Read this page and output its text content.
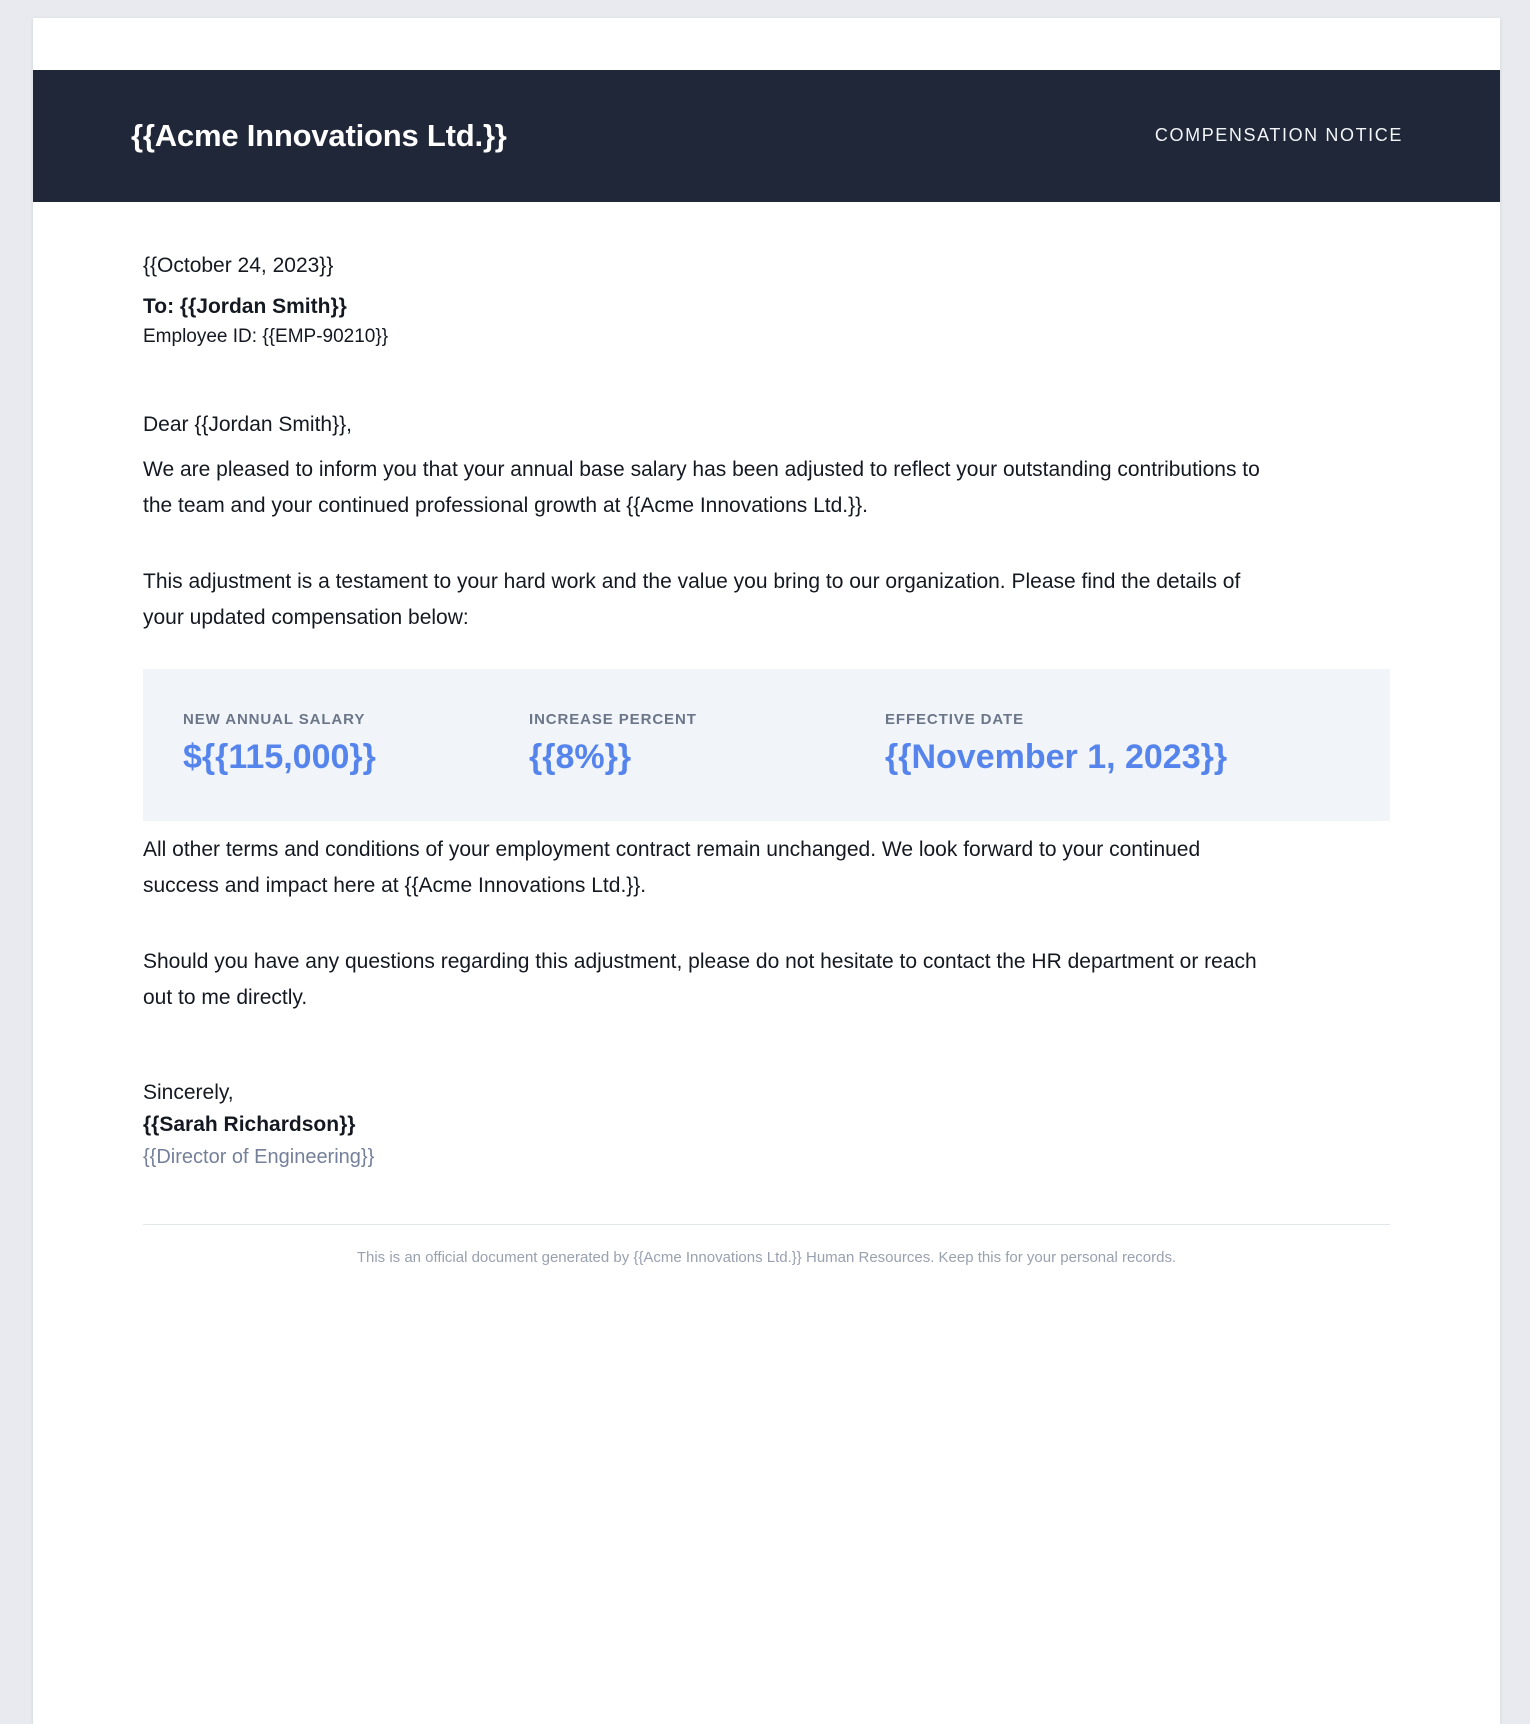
{{Acme Innovations Ltd.}}	COMPENSATION NOTICE
{{October 24, 2023}}
To: {{Jordan Smith}}
Employee ID: {{EMP-90210}}
Dear {{Jordan Smith}},
We are pleased to inform you that your annual base salary has been adjusted to reflect your outstanding contributions to the team and your continued professional growth at {{Acme Innovations Ltd.}}.
This adjustment is a testament to your hard work and the value you bring to our organization. Please find the details of your updated compensation below:
NEW ANNUAL SALARY
${{115,000}}
INCREASE PERCENT
{{8%}}
EFFECTIVE DATE
{{November 1, 2023}}
All other terms and conditions of your employment contract remain unchanged. We look forward to your continued success and impact here at {{Acme Innovations Ltd.}}.
Should you have any questions regarding this adjustment, please do not hesitate to contact the HR department or reach out to me directly.
Sincerely,
{{Sarah Richardson}}
{{Director of Engineering}}
This is an official document generated by {{Acme Innovations Ltd.}} Human Resources. Keep this for your personal records.
